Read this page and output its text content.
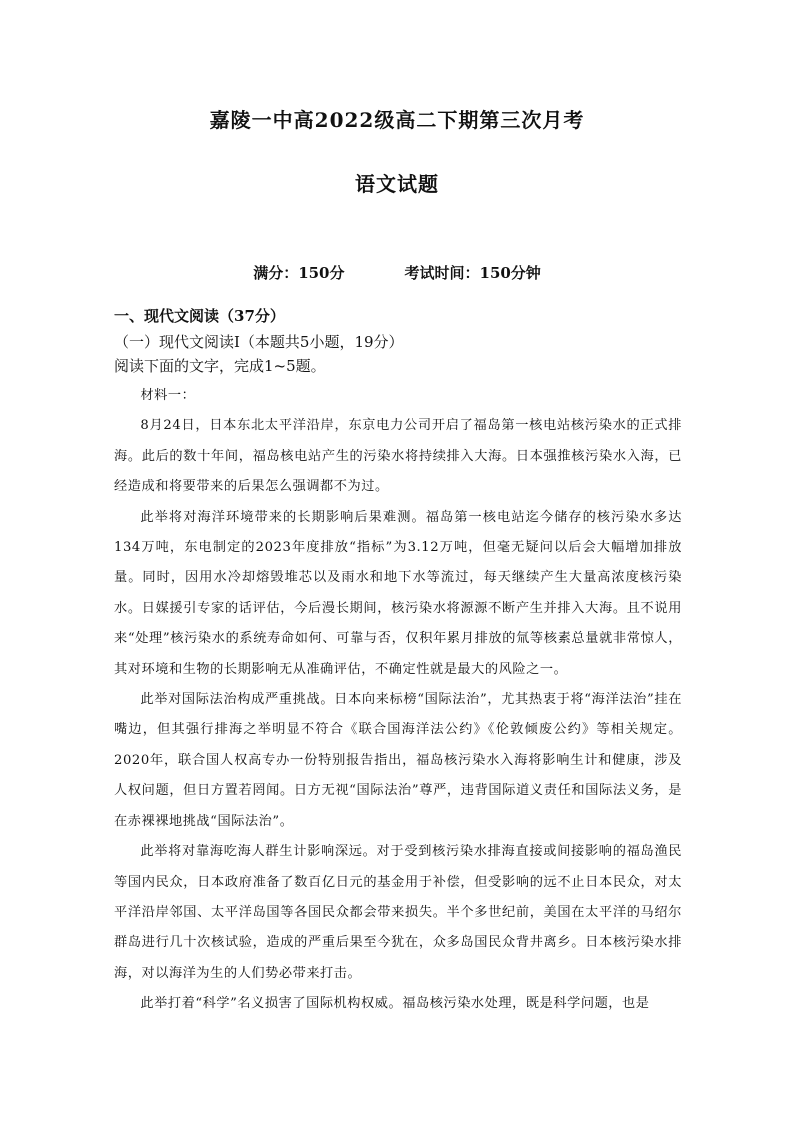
嘉陵一中高2022级高二下期第三次月考
语文试题
满分：150分	考试时间：150分钟
一、现代文阅读（37分）
（一）现代文阅读Ⅰ（本题共5小题，19分）
阅读下面的文字，完成1~5题。

材料一：

8月24日，日本东北太平洋沿岸，东京电力公司开启了福岛第一核电站核污染水的正式排海。此后的数十年间，福岛核电站产生的污染水将持续排入大海。日本强推核污染水入海，已经造成和将要带来的后果怎么强调都不为过。

此举将对海洋环境带来的长期影响后果难测。福岛第一核电站迄今储存的核污染水多达134万吨，东电制定的2023年度排放“指标”为3.12万吨，但毫无疑问以后会大幅增加排放量。同时，因用水冷却熔毁堆芯以及雨水和地下水等流过，每天继续产生大量高浓度核污染水。日媒援引专家的话评估，今后漫长期间，核污染水将源源不断产生并排入大海。且不说用来“处理”核污染水的系统寿命如何、可靠与否，仅积年累月排放的氚等核素总量就非常惊人，其对环境和生物的长期影响无从准确评估，不确定性就是最大的风险之一。

此举对国际法治构成严重挑战。日本向来标榜“国际法治”，尤其热衷于将“海洋法治”挂在嘴边，但其强行排海之举明显不符合《联合国海洋法公约》《伦敦倾废公约》等相关规定。2020年，联合国人权高专办一份特别报告指出，福岛核污染水入海将影响生计和健康，涉及人权问题，但日方置若罔闻。日方无视“国际法治”尊严，违背国际道义责任和国际法义务，是在赤裸裸地挑战“国际法治”。

此举将对靠海吃海人群生计影响深远。对于受到核污染水排海直接或间接影响的福岛渔民等国内民众，日本政府准备了数百亿日元的基金用于补偿，但受影响的远不止日本民众，对太平洋沿岸邻国、太平洋岛国等各国民众都会带来损失。半个多世纪前，美国在太平洋的马绍尔群岛进行几十次核试验，造成的严重后果至今犹在，众多岛国民众背井离乡。日本核污染水排海，对以海洋为生的人们势必带来打击。

此举打着“科学”名义损害了国际机构权威。福岛核污染水处理，既是科学问题，也是
